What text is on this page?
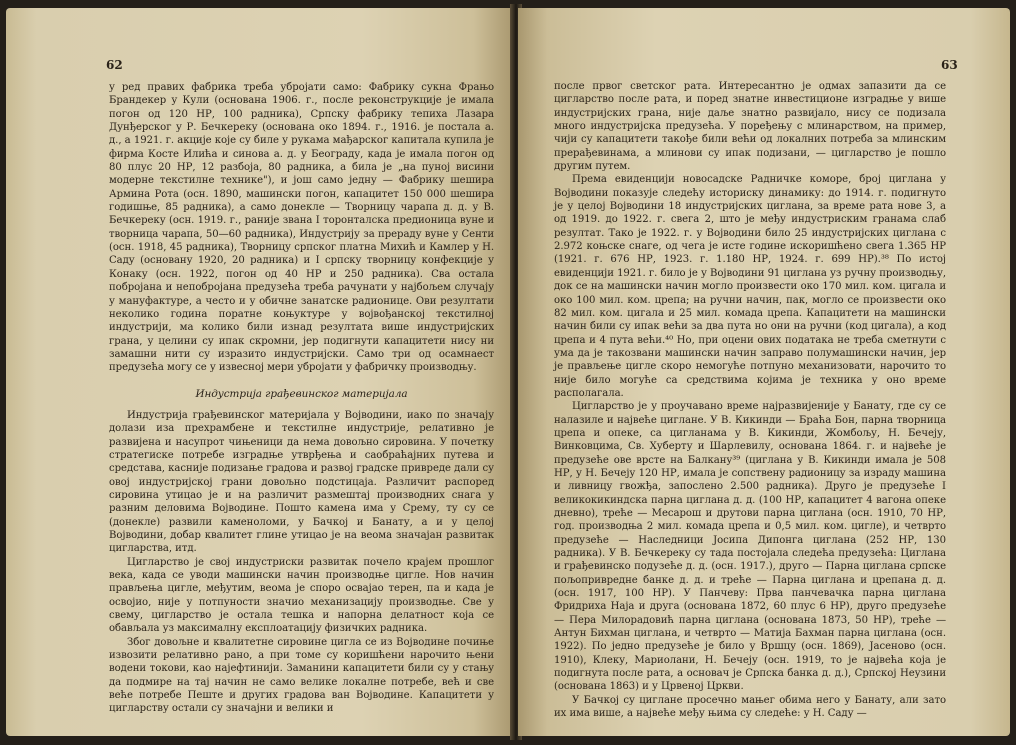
62
у ред правих фабрика треба убројати само: Фабрику сукна Фрањо Брандекер у Кули (основана 1906. г., после реконструкције је имала погон од 120 НР, 100 радника), Српску фабрику тепиха Лазара Дунђерског у Р. Бечкереку (основана око 1894. г., 1916. је постала а. д., а 1921. г. акције које су биле у рукама мађарског капитала купила је фирма Косте Илића и синова а. д. у Београду, када је имала погон од 80 плус 20 НР, 12 разбоја, 80 радника, а била је „на пуној висини модерне текстилне технике"), и још само једну — Фабрику шешира Армина Рота (осн. 1890, машински погон, капацитет 150 000 шешира годишње, 85 радника), а само донекле — Творницу чарапа д. д. у В. Бечкереку (осн. 1919. г., раније звана I торонталска предионица вуне и творница чарапа, 50—60 радника), Индустрију за прераду вуне у Сенти (осн. 1918, 45 радника), Творницу српског платна Михић и Камлер у Н. Саду (основану 1920, 20 радника) и I српску творницу конфекције у Конаку (осн. 1922, погон од 40 НР и 250 радника). Сва остала побројана и непобројана предузећа треба рачунати у најбољем случају у мануфактуре, а често и у обичне занатске радионице. Ови резултати неколико година поратне коњуктуре у војвођанској текстилној индустрији, ма колико били изнад резултата више индустријских грана, у целини су ипак скромни, јер подигнути капацитети нису ни замашни нити су изразито индустријски. Само три од осамнаест предузећа могу се у извесној мери убројати у фабричку производњу.
Индустрија грађевинског материјала
Индустрија грађевинског материјала у Војводини, иако по значају долази иза прехрамбене и текстилне индустрије, релативно је развијена и насупрот чињеници да нема довољно сировина. У почетку стратегиске потребе изградње утврђења и саобраћајних путева и средстава, касније подизање градова и развој градске привреде дали су овој индустријској грани довољно подстицаја. Различит распоред сировина утицао је и на различит размештај производних снага у разним деловима Војводине. Пошто камена има у Срему, ту су се (донекле) развили каменоломи, у Бачкој и Банату, а и у целој Војводини, добар квалитет глине утицао је на веома значајан развитак цигларства, итд.
Цигларство је свој индустриски развитак почело крајем прошлог века, када се уводи машински начин производње цигле. Нов начин прављења цигле, међутим, веома је споро освајао терен, па и када је освојио, није у потпуности значио механизацију производње. Све у свему, цигларство је остала тешка и напорна делатност која се обављала уз максималну експлоатацију физичких радника.
Због довољне и квалитетне сировине цигла се из Војводине почиње извозити релативно рано, а при томе су коришћени нарочито њени водени токови, као најефтинији. Заманини капацитети били су у стању да подмире на тај начин не само велике локалне потребе, већ и све веће потребе Пеште и других градова ван Војводине. Капацитети у цигларству остали су значајни и велики и
63
после првог светског рата. Интересантно је одмах запазити да се цигларство после рата, и поред знатне инвестиционе изградње у више индустријских грана, није даље знатно развијало, нису се подизала много индустријска предузећа. У поређењу с млинарством, на пример, чији су капацитети такође били већи од локалних потреба за млинским прерађевинама, а млинови су ипак подизани, — цигларство је пошло другим путем.
Према евиденцији новосадске Радничке коморе, број циглана у Војводини показује следећу историску динамику: до 1914. г. подигнуто је у целој Војводини 18 индустријских циглана, за време рата нове 3, а од 1919. до 1922. г. свега 2, што је међу индустриским гранама слаб резултат. Тако је 1922. г. у Војводини било 25 индустријских циглана с 2.972 коњске снаге, од чега је исте године искоришћено свега 1.365 НР (1921. г. 676 НР, 1923. г. 1.180 НР, 1924. г. 699 НР).³⁸ По истој евиденцији 1921. г. било је у Војводини 91 циглана уз ручну производњу, док се на машински начин могло произвести око 170 мил. ком. цигала и око 100 мил. ком. црепа; на ручни начин, пак, могло се произвести око 82 мил. ком. цигала и 25 мил. комада црепа. Капацитети на машински начин били су ипак већи за два пута но они на ручни (код цигала), а код црепа и 4 пута већи.⁴⁰ Но, при оцени ових података не треба сметнути с ума да је такозвани машински начин заправо полумашински начин, јер је прављење цигле скоро немогуће потпуно механизовати, нарочито то није било могуће са средствима којима је техника у оно време располагала.
Цигларство је у проучавано време најразвијеније у Банату, где су се налазиле и највеће циглане. У В. Кикинди — Браћа Бон, парна творница црепа и опеке, са цигланама у В. Кикинди, Жомбољу, Н. Бечеју, Винковцима, Св. Хуберту и Шарлевилу, основана 1864. г. и највеће је предузеће ове врсте на Балкану³⁹ (циглана у В. Кикинди имала је 508 НР, у Н. Бечеју 120 НР, имала је сопствену радионицу за израду машина и ливницу гвожђа, запослено 2.500 радника). Друго је предузеће I великокикиндска парна циглана д. д. (100 НР, капацитет 4 вагона опеке дневно), треће — Месарош и друтови парна циглана (осн. 1910, 70 НР, год. производња 2 мил. комада црепа и 0,5 мил. ком. цигле), и четврто предузеће — Наследници Јосипа Дипонга циглана (252 НР, 130 радника). У В. Бечкереку су тада постојала следећа предузећа: Циглана и грађевинско подузеће д. д. (осн. 1917.), друго — Парна циглана српске пољопривредне банке д. д. и треће — Парна циглана и црепана д. д. (осн. 1917, 100 НР). У Панчеву: Прва панчевачка парна циглана Фридриха Наја и друга (основана 1872, 60 плус 6 НР), друго предузеће — Пера Милорадовић парна циглана (основана 1873, 50 НР), треће — Антун Бихман циглана, и четврто — Матија Бахман парна циглана (осн. 1922). По једно предузеће је било у Вршцу (осн. 1869), Јасеново (осн. 1910), Клеку, Мариолани, Н. Бечеју (осн. 1919, то је највећа која је подигнута после рата, а основач је Српска банка д. д.), Српској Неузини (основана 1863) и у Црвеној Цркви.
У Бачкој су циглане просечно мањег обима него у Банату, али зато их има више, а највеће међу њима су следеће: у Н. Саду —
